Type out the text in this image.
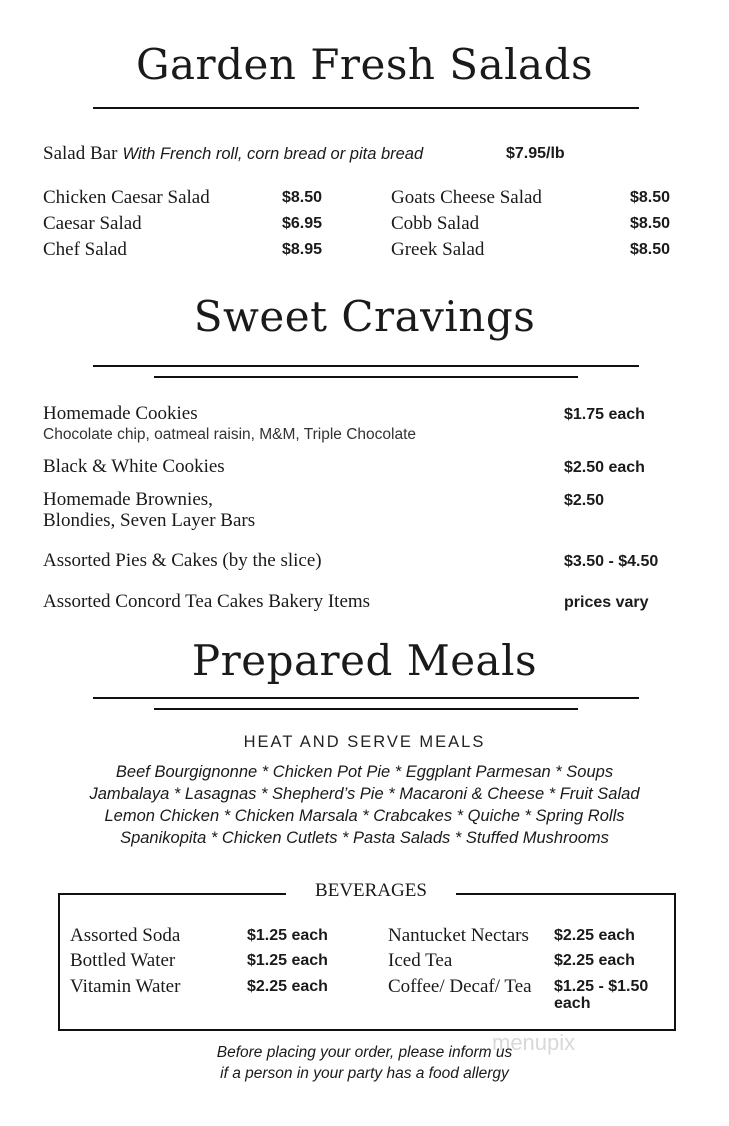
Garden Fresh Salads
Salad Bar With French roll, corn bread or pita bread	$7.95/lb
Chicken Caesar Salad	$8.50
Caesar Salad	$6.95
Chef Salad	$8.95
Goats Cheese Salad	$8.50
Cobb Salad	$8.50
Greek Salad	$8.50
Sweet Cravings
Homemade Cookies
Chocolate chip, oatmeal raisin, M&M, Triple Chocolate
$1.75 each
Black & White Cookies	$2.50 each
Homemade Brownies,
Blondies, Seven Layer Bars
$2.50
Assorted Pies & Cakes (by the slice)	$3.50 - $4.50
Assorted Concord Tea Cakes Bakery Items	prices vary
Prepared Meals
HEAT AND SERVE MEALS
Beef Bourgignonne * Chicken Pot Pie * Eggplant Parmesan * Soups
Jambalaya * Lasagnas * Shepherd’s Pie * Macaroni & Cheese * Fruit Salad
Lemon Chicken * Chicken Marsala * Crabcakes * Quiche * Spring Rolls
Spanikopita * Chicken Cutlets * Pasta Salads * Stuffed Mushrooms
BEVERAGES
Assorted Soda	$1.25 each
Bottled Water	$1.25 each
Vitamin Water	$2.25 each
Nantucket Nectars $2.25 each
Iced Tea	$2.25 each
Coffee/ Decaf/ Tea $1.25 - $1.50
each
menupix
Before placing your order, please inform us
if a person in your party has a food allergy
